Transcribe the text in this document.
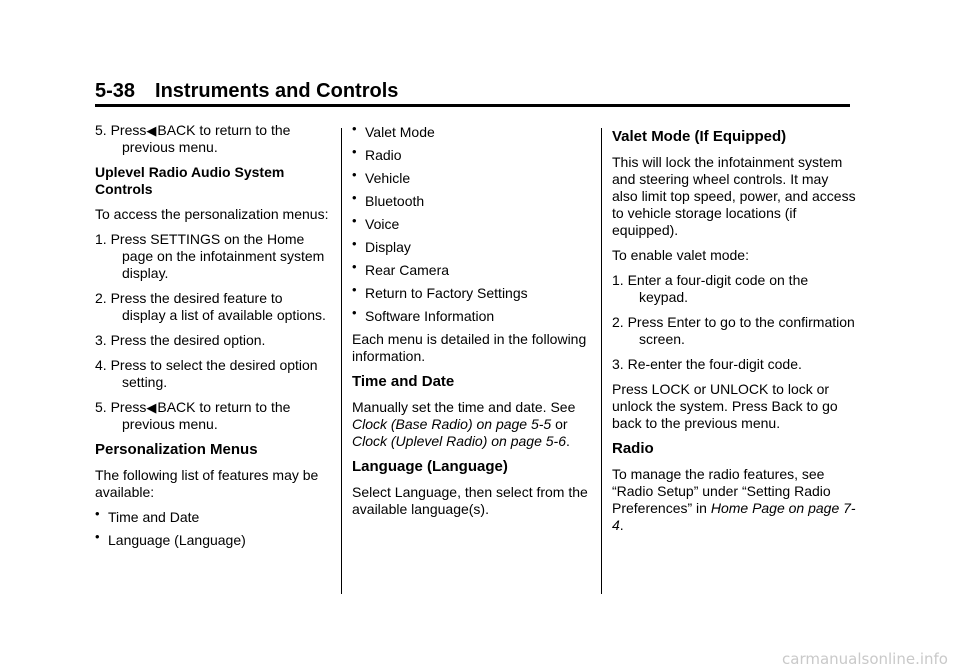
5-38 Instruments and Controls
5. Press◀BACK to return to the previous menu.

Uplevel Radio Audio System Controls

To access the personalization menus:

1. Press SETTINGS on the Home page on the infotainment system display.
2. Press the desired feature to display a list of available options.
3. Press the desired option.
4. Press to select the desired option setting.
5. Press◀BACK to return to the previous menu.
Personalization Menus

The following list of features may be available:

• Time and Date
• Language (Language)
• Valet Mode
• Radio
• Vehicle
• Bluetooth
• Voice
• Display
• Rear Camera
• Return to Factory Settings
• Software Information

Each menu is detailed in the following information.

Time and Date

Manually set the time and date. See Clock (Base Radio) on page 5-5 or Clock (Uplevel Radio) on page 5-6.

Language (Language)

Select Language, then select from the available language(s).

Valet Mode (If Equipped)

This will lock the infotainment system and steering wheel controls. It may also limit top speed, power, and access to vehicle storage locations (if equipped).

To enable valet mode:

1. Enter a four-digit code on the keypad.
2. Press Enter to go to the confirmation screen.
3. Re-enter the four-digit code.

Press LOCK or UNLOCK to lock or unlock the system. Press Back to go back to the previous menu.

Radio

To manage the radio features, see “Radio Setup” under “Setting Radio Preferences” in Home Page on page 7-4.

carmanualsonline.info
